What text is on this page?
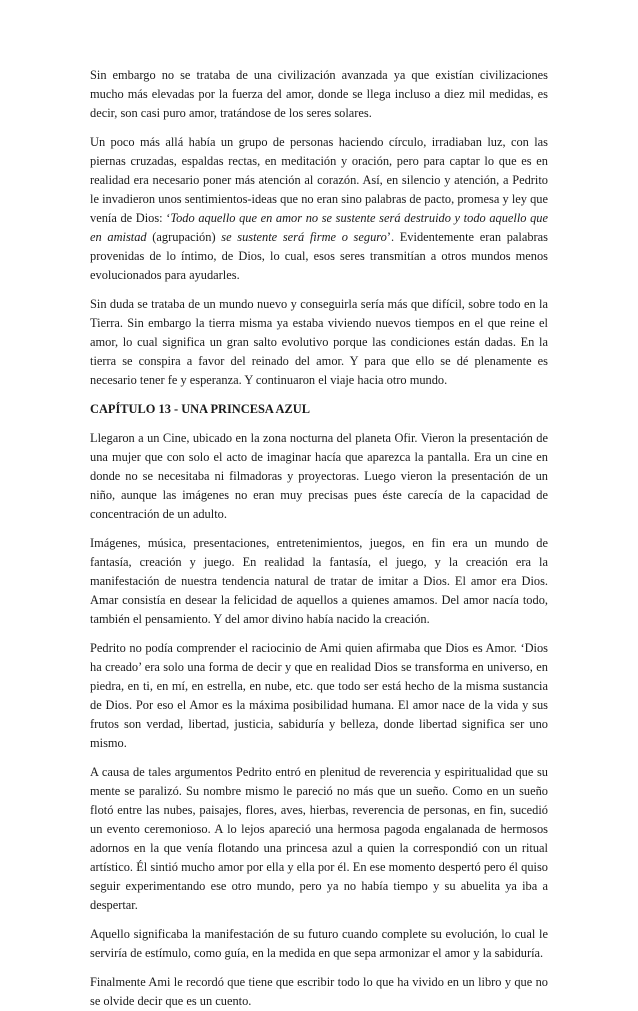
Sin embargo no se trataba de una civilización avanzada ya que existían civilizaciones mucho más elevadas por la fuerza del amor, donde se llega incluso a diez mil medidas, es decir, son casi puro amor, tratándose de los seres solares.

Un poco más allá había un grupo de personas haciendo círculo, irradiaban luz, con las piernas cruzadas, espaldas rectas, en meditación y oración, pero para captar lo que es en realidad era necesario poner más atención al corazón. Así, en silencio y atención, a Pedrito le invadieron unos sentimientos-ideas que no eran sino palabras de pacto, promesa y ley que venía de Dios: ‘Todo aquello que en amor no se sustente será destruido y todo aquello que en amistad (agrupación) se sustente será firme o seguro’. Evidentemente eran palabras provenidas de lo íntimo, de Dios, lo cual, esos seres transmitían a otros mundos menos evolucionados para ayudarles.

Sin duda se trataba de un mundo nuevo y conseguirla sería más que difícil, sobre todo en la Tierra. Sin embargo la tierra misma ya estaba viviendo nuevos tiempos en el que reine el amor, lo cual significa un gran salto evolutivo porque las condiciones están dadas. En la tierra se conspira a favor del reinado del amor. Y para que ello se dé plenamente es necesario tener fe y esperanza. Y continuaron el viaje hacia otro mundo.

CAPÍTULO 13 - UNA PRINCESA AZUL

Llegaron a un Cine, ubicado en la zona nocturna del planeta Ofir. Vieron la presentación de una mujer que con solo el acto de imaginar hacía que aparezca la pantalla. Era un cine en donde no se necesitaba ni filmadoras y proyectoras. Luego vieron la presentación de un niño, aunque las imágenes no eran muy precisas pues éste carecía de la capacidad de concentración de un adulto.

Imágenes, música, presentaciones, entretenimientos, juegos, en fin era un mundo de fantasía, creación y juego. En realidad la fantasía, el juego, y la creación era la manifestación de nuestra tendencia natural de tratar de imitar a Dios. El amor era Dios. Amar consistía en desear la felicidad de aquellos a quienes amamos. Del amor nacía todo, también el pensamiento. Y del amor divino había nacido la creación.

Pedrito no podía comprender el raciocinio de Ami quien afirmaba que Dios es Amor. ‘Dios ha creado’ era solo una forma de decir y que en realidad Dios se transforma en universo, en piedra, en ti, en mí, en estrella, en nube, etc. que todo ser está hecho de la misma sustancia de Dios. Por eso el Amor es la máxima posibilidad humana. El amor nace de la vida y sus frutos son verdad, libertad, justicia, sabiduría y belleza, donde libertad significa ser uno mismo.

A causa de tales argumentos Pedrito entró en plenitud de reverencia y espiritualidad que su mente se paralizó. Su nombre mismo le pareció no más que un sueño. Como en un sueño flotó entre las nubes, paisajes, flores, aves, hierbas, reverencia de personas, en fin, sucedió un evento ceremonioso. A lo lejos apareció una hermosa pagoda engalanada de hermosos adornos en la que venía flotando una princesa azul a quien la correspondió con un ritual artístico. Él sintió mucho amor por ella y ella por él. En ese momento despertó pero él quiso seguir experimentando ese otro mundo, pero ya no había tiempo y su abuelita ya iba a despertar.

Aquello significaba la manifestación de su futuro cuando complete su evolución, lo cual le serviría de estímulo, como guía, en la medida en que sepa armonizar el amor y la sabiduría.

Finalmente Ami le recordó que tiene que escribir todo lo que ha vivido en un libro y que no se olvide decir que es un cuento.
